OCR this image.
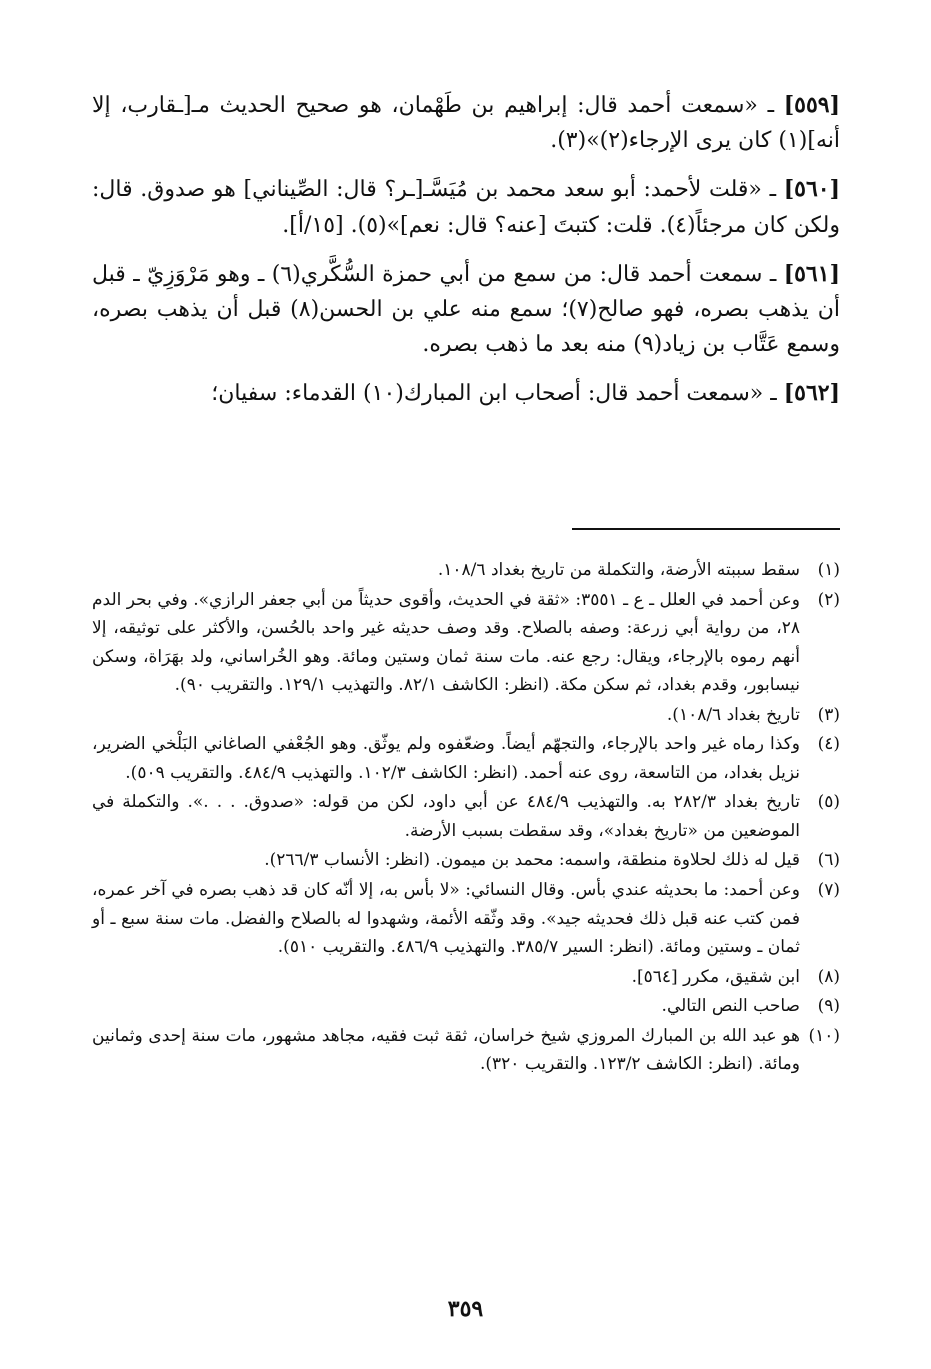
[٥٥٩] ـ «سمعت أحمد قال: إبراهيم بن طَهْمان، هو صحيح الحديث مـ[ـقارب، إلا أنه](١) كان يرى الإرجاء(٢)»(٣).

[٥٦٠] ـ «قلت لأحمد: أبو سعد محمد بن مُيَسَّـ[ـر؟ قال: الصِّيناني] هو صدوق. قال: ولكن كان مرجئاً(٤). قلت: كتبتَ [عنه؟ قال: نعم]»(٥). [١٥/أ].

[٥٦١] ـ سمعت أحمد قال: من سمع من أبي حمزة السُّكَّري(٦) ـ وهو مَرْوَزِيّ ـ قبل أن يذهب بصره، فهو صالح(٧)؛ سمع منه علي بن الحسن(٨) قبل أن يذهب بصره، وسمع عَتَّاب بن زياد(٩) منه بعد ما ذهب بصره.

[٥٦٢] ـ «سمعت أحمد قال: أصحاب ابن المبارك(١٠) القدماء: سفيان؛

(١)
سقط سببته الأرضة، والتكملة من تاريخ بغداد ١٠٨/٦.
(٢)
وعن أحمد في العلل ـ ع ـ ٣٥٥١: «ثقة في الحديث، وأقوى حديثاً من أبي جعفر الرازي». وفي بحر الدم ٢٨، من رواية أبي زرعة: وصفه بالصلاح. وقد وصف حديثه غير واحد بالحُسن، والأكثر على توثيقه، إلا أنهم رموه بالإرجاء، ويقال: رجع عنه. مات سنة ثمان وستين ومائة. وهو الخُراساني، ولد بهَرَاة، وسكن نيسابور، وقدم بغداد، ثم سكن مكة. (انظر: الكاشف ٨٢/١. والتهذيب ١٢٩/١. والتقريب ٩٠).
(٣)
تاريخ بغداد ١٠٨/٦).
(٤)
وكذا رماه غير واحد بالإرجاء، والتجهّم أيضاً. وضعّفوه ولم يوثّق. وهو الجُعْفي الصاغاني البَلْخي الضرير، نزيل بغداد، من التاسعة، روى عنه أحمد. (انظر: الكاشف ١٠٢/٣. والتهذيب ٤٨٤/٩. والتقريب ٥٠٩).
(٥)
تاريخ بغداد ٢٨٢/٣ به. والتهذيب ٤٨٤/٩ عن أبي داود، لكن من قوله: «صدوق. . . .». والتكملة في الموضعين من «تاريخ بغداد»، وقد سقطت بسبب الأرضة.
(٦)
قيل له ذلك لحلاوة منطقة، واسمه: محمد بن ميمون. (انظر: الأنساب ٢٦٦/٣).
(٧)
وعن أحمد: ما بحديثه عندي بأس. وقال النسائي: «لا بأس به، إلا أنّه كان قد ذهب بصره في آخر عمره، فمن كتب عنه قبل ذلك فحديثه جيد». وقد وثّقه الأئمة، وشهدوا له بالصلاح والفضل. مات سنة سبع ـ أو ثمان ـ وستين ومائة. (انظر: السير ٣٨٥/٧. والتهذيب ٤٨٦/٩. والتقريب ٥١٠).
(٨)
ابن شقيق، مكرر [٥٦٤].
(٩)
صاحب النص التالي.
(١٠)
هو عبد الله بن المبارك المروزي شيخ خراسان، ثقة ثبت فقيه، مجاهد مشهور، مات سنة إحدى وثمانين ومائة. (انظر: الكاشف ١٢٣/٢. والتقريب ٣٢٠).
٣٥٩
